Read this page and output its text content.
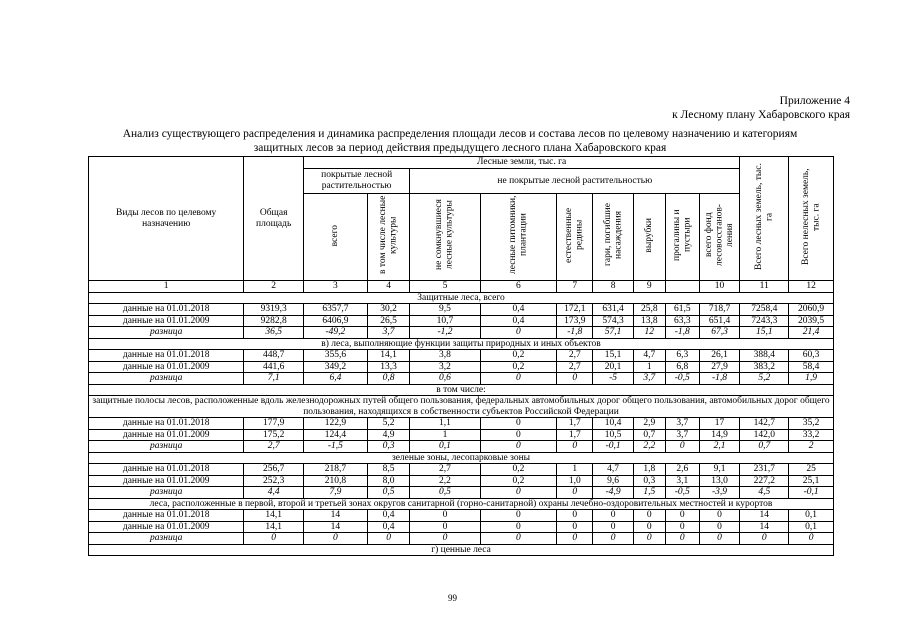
Приложение 4
к Лесному плану Хабаровского края
Анализ существующего распределения и динамика распределения площади лесов и состава лесов по целевому назначению и категориям
защитных лесов за период действия предыдущего лесного плана Хабаровского края
Виды лесов по целевому назначению	Общая площадь	Лесные земли, тыс. га									Всего лесных земель, тыс. га	Всего нелесных земель, тыс. га
		покрытые лесной растительностью		не покрытые лесной растительностью								
		всего	в том числе лесные культуры	не сомкнувшиеся лесные культуры	лесные питомники, плантации	естественные редины	гари, погибшие насаждения	вырубки	прогалины и пустыри	всего фонд лесовосстанов-ления		
1	2	3	4	5	6	7	8	9		10	11	12
Защитные леса, всего												
данные на 01.01.2018	9319,3	6357,7	30,2	9,5	0,4	172,1	631,4	25,8	61,5	718,7	7258,4	2060,9
данные на 01.01.2009	9282,8	6406,9	26,5	10,7	0,4	173,9	574,3	13,8	63,3	651,4	7243,3	2039,5
разница	36,5	-49,2	3,7	-1,2	0	-1,8	57,1	12	-1,8	67,3	15,1	21,4
в) леса, выполняющие функции защиты природных и иных объектов												
данные на 01.01.2018	448,7	355,6	14,1	3,8	0,2	2,7	15,1	4,7	6,3	26,1	388,4	60,3
данные на 01.01.2009	441,6	349,2	13,3	3,2	0,2	2,7	20,1	1	6,8	27,9	383,2	58,4
разница	7,1	6,4	0,8	0,6	0	0	-5	3,7	-0,5	-1,8	5,2	1,9
в том числе:												
защитные полосы лесов, расположенные вдоль железнодорожных путей общего пользования, федеральных автомобильных дорог общего пользования, автомобильных дорог общего пользования, находящихся в собственности субъектов Российской Федерации												
данные на 01.01.2018	177,9	122,9	5,2	1,1	0	1,7	10,4	2,9	3,7	17	142,7	35,2
данные на 01.01.2009	175,2	124,4	4,9	1	0	1,7	10,5	0,7	3,7	14,9	142,0	33,2
разница	2,7	-1,5	0,3	0,1	0	0	-0,1	2,2	0	2,1	0,7	2
зеленые зоны, лесопарковые зоны												
данные на 01.01.2018	256,7	218,7	8,5	2,7	0,2	1	4,7	1,8	2,6	9,1	231,7	25
данные на 01.01.2009	252,3	210,8	8,0	2,2	0,2	1,0	9,6	0,3	3,1	13,0	227,2	25,1
разница	4,4	7,9	0,5	0,5	0	0	-4,9	1,5	-0,5	-3,9	4,5	-0,1
леса, расположенные в первой, второй и третьей зонах округов санитарной (горно-санитарной) охраны лечебно-оздоровительных местностей и курортов												
данные на 01.01.2018	14,1	14	0,4	0	0	0	0	0	0	0	14	0,1
данные на 01.01.2009	14,1	14	0,4	0	0	0	0	0	0	0	14	0,1
разница	0	0	0	0	0	0	0	0	0	0	0	0
г) ценные леса												
99
